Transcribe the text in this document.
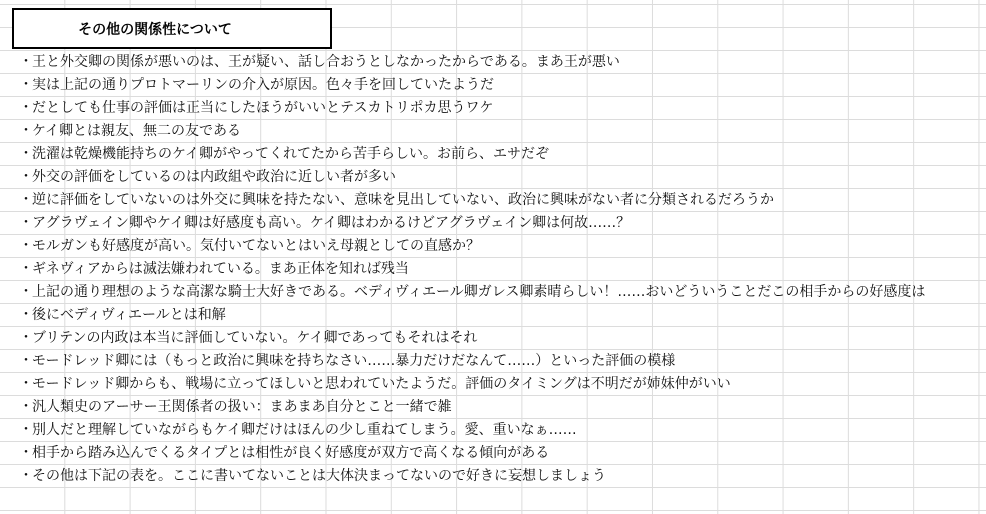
その他の関係性について
・ 王と外交卿の関係が悪いのは、王が疑い、話し合おうとしなかったからである。まあ王が悪い
・ 実は上記の通りプロトマーリンの介入が原因。色々手を回していたようだ
・ だとしても仕事の評価は正当にしたほうがいいとテスカトリポカ思うワケ
・ ケイ卿とは親友、無二の友である
・ 洗濯は乾燥機能持ちのケイ卿がやってくれてたから苦手らしい。お前ら、エサだぞ
・ 外交の評価をしているのは内政組や政治に近しい者が多い
・ 逆に評価をしていないのは外交に興味を持たない、意味を見出していない、政治に興味がない者に分類されるだろうか
・ アグラヴェイン卿やケイ卿は好感度も高い。ケイ卿はわかるけどアグラヴェイン卿は何故……？
・ モルガンも好感度が高い。気付いてないとはいえ母親としての直感か？
・ ギネヴィアからは滅法嫌われている。まあ正体を知れば残当
・ 上記の通り理想のような高潔な騎士大好きである。ベディヴィエール卿ガレス卿素晴らしい！……おいどういうことだこの相手からの好感度は
・ 後にベディヴィエールとは和解
・ ブリテンの内政は本当に評価していない。ケイ卿であってもそれはそれ
・ モードレッド卿には（もっと政治に興味を持ちなさい……暴力だけだなんて……）といった評価の模様
・ モードレッド卿からも、戦場に立ってほしいと思われていたようだ。評価のタイミングは不明だが姉妹仲がいい
・ 汎人類史のアーサー王関係者の扱い：まあまあ自分とこと一緒で雑
・ 別人だと理解していながらもケイ卿だけはほんの少し重ねてしまう。愛、重いなぁ……
・ 相手から踏み込んでくるタイプとは相性が良く好感度が双方で高くなる傾向がある
・ その他は下記の表を。ここに書いてないことは大体決まってないので好きに妄想しましょう
